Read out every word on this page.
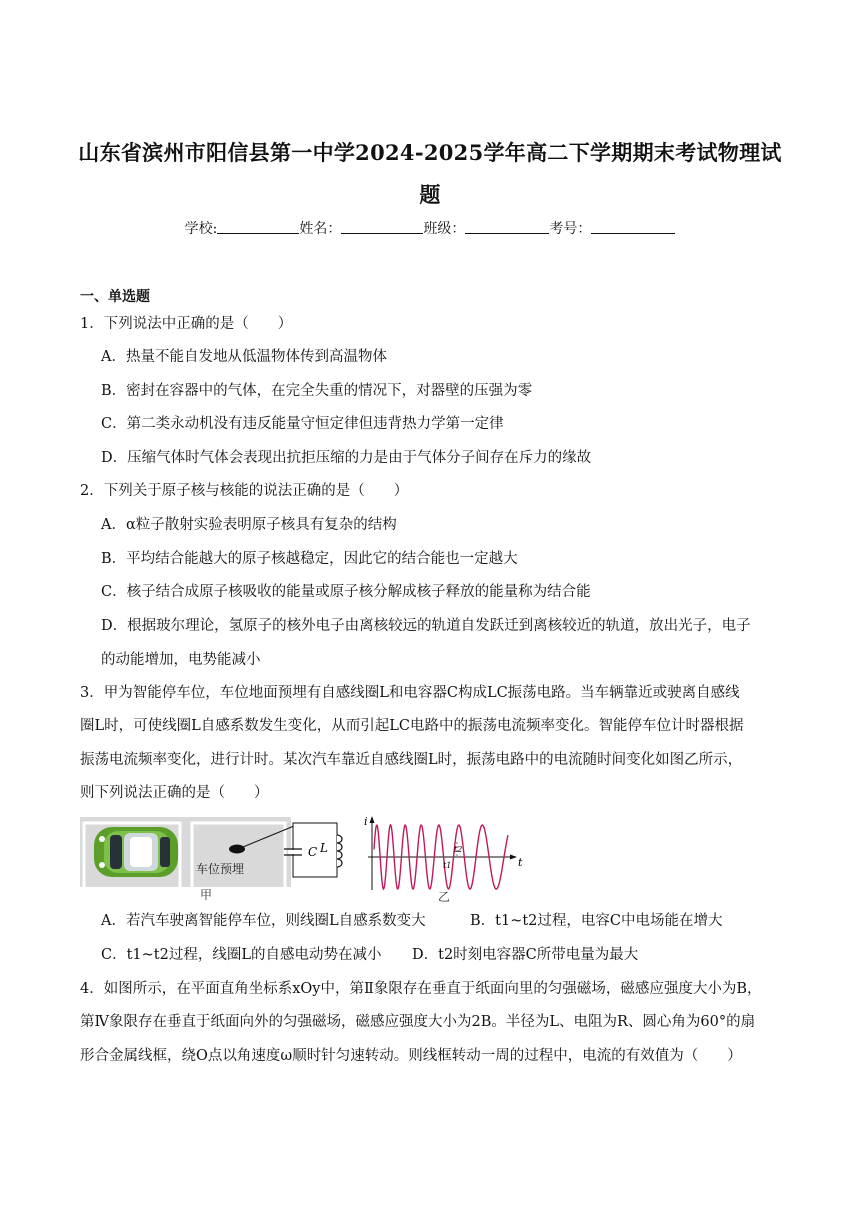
山东省滨州市阳信县第一中学2024-2025学年高二下学期期末考试物理试
题
学校:	姓名：	班级：	考号：
一、单选题
1．下列说法中正确的是（　　）
A．热量不能自发地从低温物体传到高温物体
B．密封在容器中的气体，在完全失重的情况下，对器壁的压强为零
C．第二类永动机没有违反能量守恒定律但违背热力学第一定律
D．压缩气体时气体会表现出抗拒压缩的力是由于气体分子间存在斥力的缘故
2．下列关于原子核与核能的说法正确的是（　　）
A．α粒子散射实验表明原子核具有复杂的结构
B．平均结合能越大的原子核越稳定，因此它的结合能也一定越大
C．核子结合成原子核吸收的能量或原子核分解成核子释放的能量称为结合能
D．根据玻尔理论，氢原子的核外电子由离核较远的轨道自发跃迁到离核较近的轨道，放出光子，电子
的动能增加，电势能减小
3．甲为智能停车位，车位地面预埋有自感线圈L和电容器C构成LC振荡电路。当车辆靠近或驶离自感线
圈L时，可使线圈L自感系数发生变化，从而引起LC电路中的振荡电流频率变化。智能停车位计时器根据
振荡电流频率变化，进行计时。某次汽车靠近自感线圈L时，振荡电路中的电流随时间变化如图乙所示，
则下列说法正确的是（　　）
车位预埋
C L
甲
i
t
t1
t2
乙
A．若汽车驶离智能停车位，则线圈L自感系数变大	B．t1~t2过程，电容C中电场能在增大
C．t1~t2过程，线圈L的自感电动势在减小 D．t2时刻电容器C所带电量为最大
4．如图所示，在平面直角坐标系xOy中，第Ⅱ象限存在垂直于纸面向里的匀强磁场，磁感应强度大小为B，
第Ⅳ象限存在垂直于纸面向外的匀强磁场，磁感应强度大小为2B。半径为L、电阻为R、圆心角为60°的扇
形合金属线框，绕O点以角速度ω顺时针匀速转动。则线框转动一周的过程中，电流的有效值为（　　）
